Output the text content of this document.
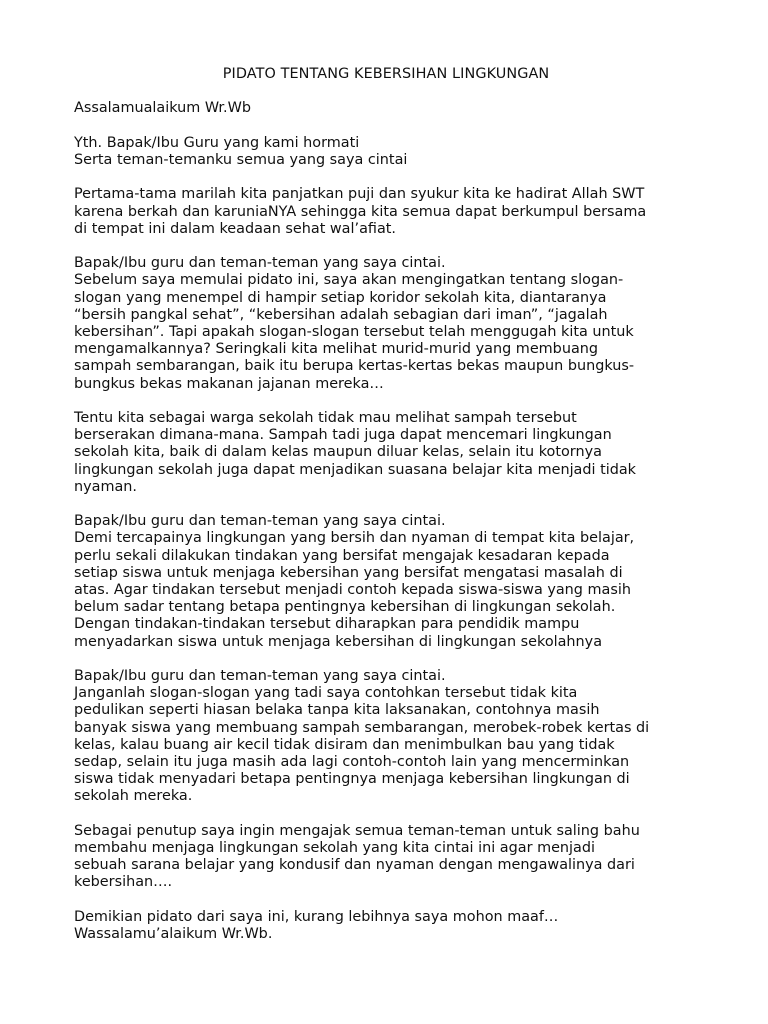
PIDATO TENTANG KEBERSIHAN LINGKUNGAN
Assalamualaikum Wr.Wb
Yth. Bapak/Ibu Guru yang kami hormati
Serta teman-temanku semua yang saya cintai
Pertama-tama marilah kita panjatkan puji dan syukur kita ke hadirat Allah SWT
karena berkah dan karuniaNYA sehingga kita semua dapat berkumpul bersama
di tempat ini dalam keadaan sehat wal’afiat.
Bapak/Ibu guru dan teman-teman yang saya cintai.
Sebelum saya memulai pidato ini, saya akan mengingatkan tentang slogan-
slogan yang menempel di hampir setiap koridor sekolah kita, diantaranya
“bersih pangkal sehat”, “kebersihan adalah sebagian dari iman”, “jagalah
kebersihan”. Tapi apakah slogan-slogan tersebut telah menggugah kita untuk
mengamalkannya? Seringkali kita melihat murid-murid yang membuang
sampah sembarangan, baik itu berupa kertas-kertas bekas maupun bungkus-
bungkus bekas makanan jajanan mereka…
Tentu kita sebagai warga sekolah tidak mau melihat sampah tersebut
berserakan dimana-mana. Sampah tadi juga dapat mencemari lingkungan
sekolah kita, baik di dalam kelas maupun diluar kelas, selain itu kotornya
lingkungan sekolah juga dapat menjadikan suasana belajar kita menjadi tidak
nyaman.
Bapak/Ibu guru dan teman-teman yang saya cintai.
Demi tercapainya lingkungan yang bersih dan nyaman di tempat kita belajar,
perlu sekali dilakukan tindakan yang bersifat mengajak kesadaran kepada
setiap siswa untuk menjaga kebersihan yang bersifat mengatasi masalah di
atas. Agar tindakan tersebut menjadi contoh kepada siswa-siswa yang masih
belum sadar tentang betapa pentingnya kebersihan di lingkungan sekolah.
Dengan tindakan-tindakan tersebut diharapkan para pendidik mampu
menyadarkan siswa untuk menjaga kebersihan di lingkungan sekolahnya
Bapak/Ibu guru dan teman-teman yang saya cintai.
Janganlah slogan-slogan yang tadi saya contohkan tersebut tidak kita
pedulikan seperti hiasan belaka tanpa kita laksanakan, contohnya masih
banyak siswa yang membuang sampah sembarangan, merobek-robek kertas di
kelas, kalau buang air kecil tidak disiram dan menimbulkan bau yang tidak
sedap, selain itu juga masih ada lagi contoh-contoh lain yang mencerminkan
siswa tidak menyadari betapa pentingnya menjaga kebersihan lingkungan di
sekolah mereka.
Sebagai penutup saya ingin mengajak semua teman-teman untuk saling bahu
membahu menjaga lingkungan sekolah yang kita cintai ini agar menjadi
sebuah sarana belajar yang kondusif dan nyaman dengan mengawalinya dari
kebersihan….
Demikian pidato dari saya ini, kurang lebihnya saya mohon maaf…
Wassalamu’alaikum Wr.Wb.
